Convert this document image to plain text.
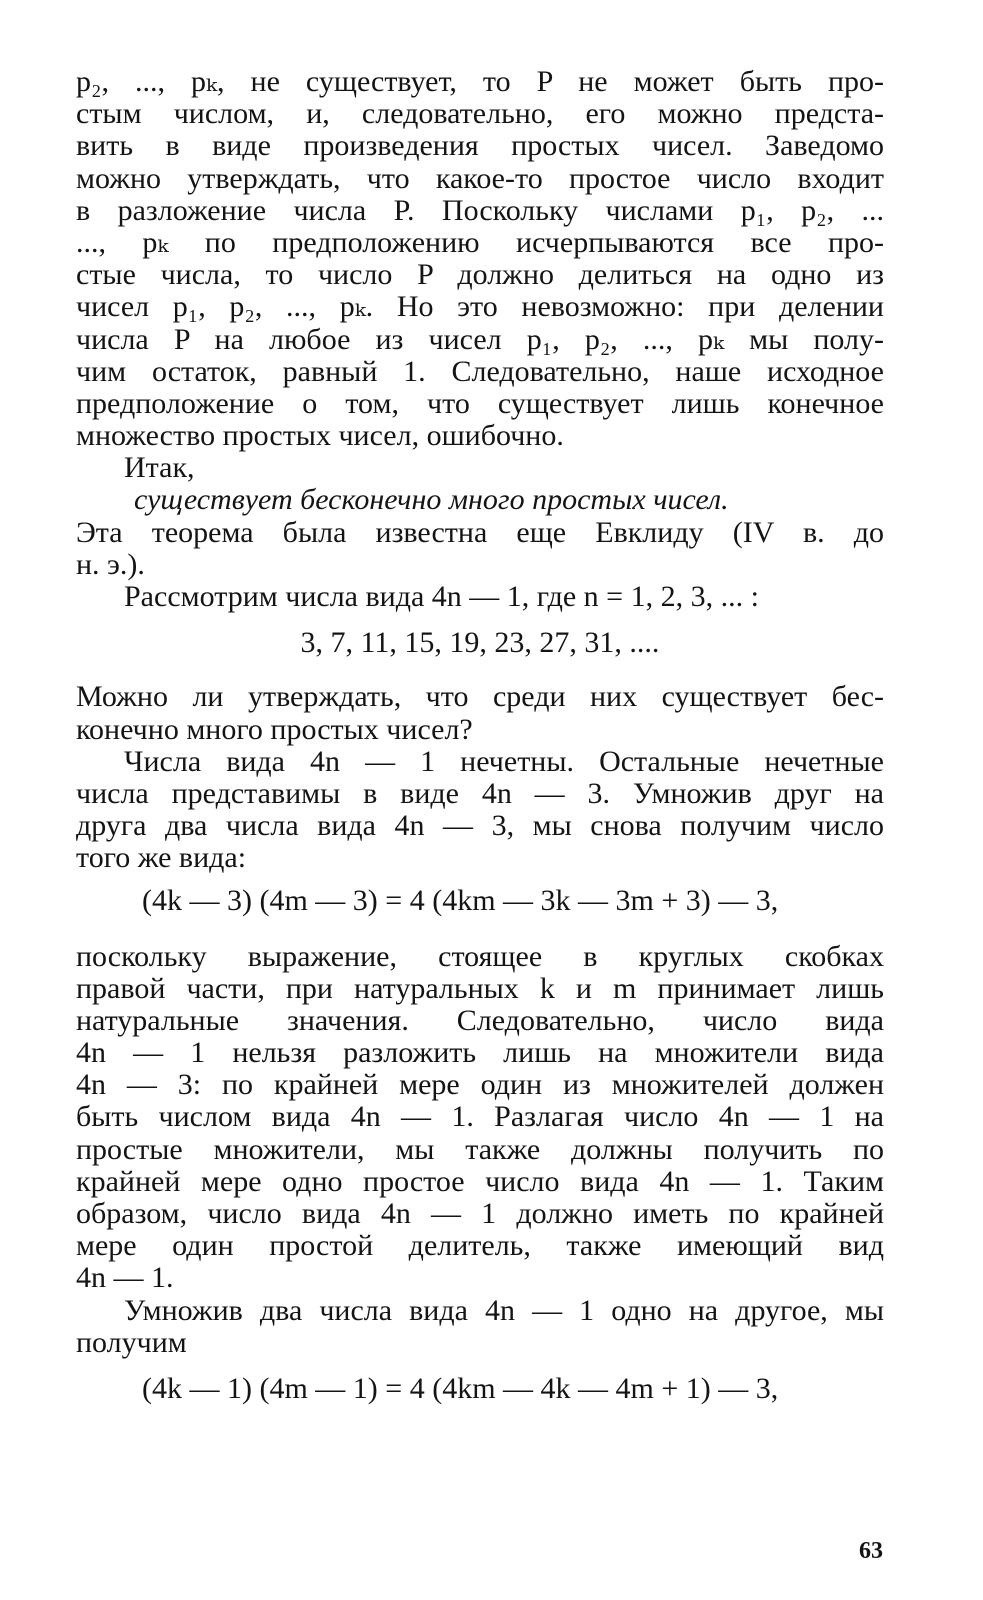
p₂, ..., pₖ, не существует, то P не может быть про-
стым числом, и, следовательно, его можно предста-
вить в виде произведения простых чисел. Заведомо
можно утверждать, что какое-то простое число входит
в разложение числа P. Поскольку числами p₁, p₂, ...
..., pₖ по предположению исчерпываются все про-
стые числа, то число P должно делиться на одно из
чисел p₁, p₂, ..., pₖ. Но это невозможно: при делении
числа P на любое из чисел p₁, p₂, ..., pₖ мы полу-
чим остаток, равный 1. Следовательно, наше исходное
предположение о том, что существует лишь конечное
множество простых чисел, ошибочно.
Итак,
существует бесконечно много простых чисел.
Эта теорема была известна еще Евклиду (IV в. до
н. э.).
Рассмотрим числа вида 4n — 1, где n = 1, 2, 3, ... :
3, 7, 11, 15, 19, 23, 27, 31, ....
Можно ли утверждать, что среди них существует бес-
конечно много простых чисел?
Числа вида 4n — 1 нечетны. Остальные нечетные
числа представимы в виде 4n — 3. Умножив друг на
друга два числа вида 4n — 3, мы снова получим число
того же вида:
(4k — 3) (4m — 3) = 4 (4km — 3k — 3m + 3) — 3,
поскольку выражение, стоящее в круглых скобках
правой части, при натуральных k и m принимает лишь
натуральные значения. Следовательно, число вида
4n — 1 нельзя разложить лишь на множители вида
4n — 3: по крайней мере один из множителей должен
быть числом вида 4n — 1. Разлагая число 4n — 1 на
простые множители, мы также должны получить по
крайней мере одно простое число вида 4n — 1. Таким
образом, число вида 4n — 1 должно иметь по крайней
мере один простой делитель, также имеющий вид
4n — 1.
Умножив два числа вида 4n — 1 одно на другое, мы
получим
(4k — 1) (4m — 1) = 4 (4km — 4k — 4m + 1) — 3,
63
